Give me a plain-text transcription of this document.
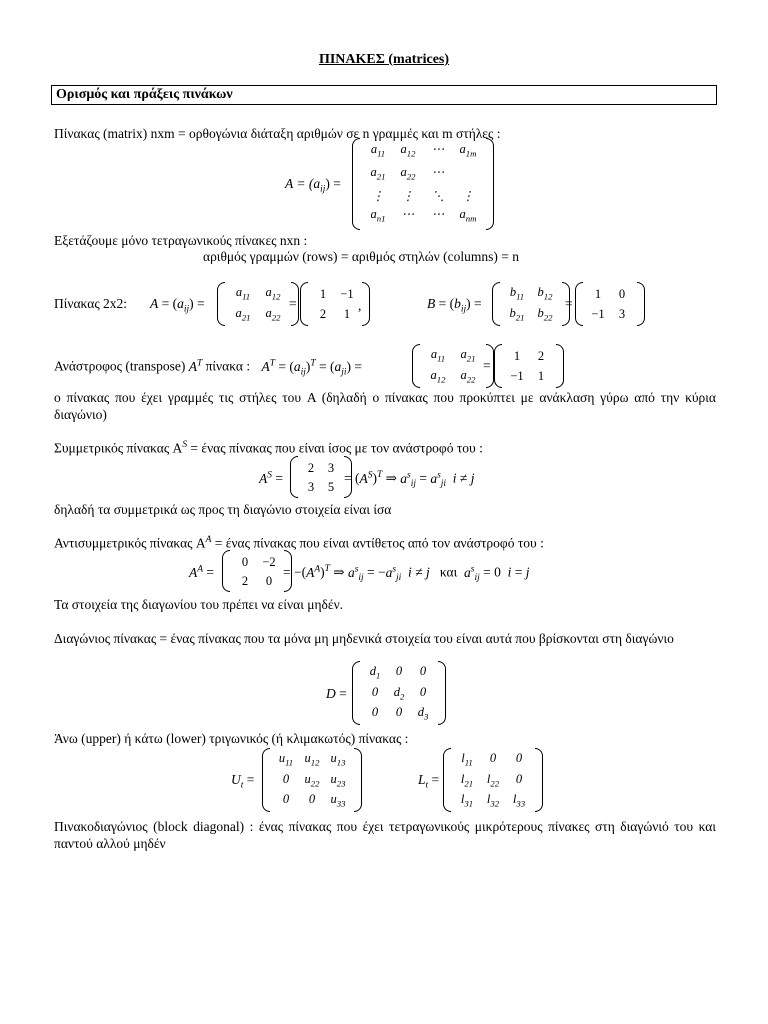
ΠΙΝΑΚΕΣ (matrices)
Ορισμός και πράξεις πινάκων
Πίνακας (matrix) nxm = ορθογώνια διάταξη αριθμών σε n γραμμές και m στήλες :
$A = (a_{ij})$ =
$a_{11}$	$a_{12}$	⋯	$a_{1m}$
$a_{21}$	$a_{22}$	⋯
⋮	⋮	⋱	⋮
$a_{n1}$	⋯	⋯	$a_{nm}$
Εξετάζουμε μόνο τετραγωνικούς πίνακες nxn :
αριθμός γραμμών (rows) = αριθμός στηλών (columns) = n
Πίνακας 2x2: $A = (a_{ij})$ =
$a_{11}$	$a_{12}$
$a_{21}$	$a_{22}$
=
1	−1
2	1
,	$B = (b_{ij})$ =
$b_{11}$	$b_{12}$
$b_{21}$	$b_{22}$
=
1	0
−1	3
Ανάστροφος (transpose) $A^T$ πίνακα : $A^T = (a_{ij})^T = (a_{ji})$ =
$a_{11}$	$a_{21}$
$a_{12}$	$a_{22}$
=
1	2
−1	1
ο πίνακας που έχει γραμμές τις στήλες του A (δηλαδή ο πίνακας που προκύπτει με ανάκλαση γύρω από την κύρια διαγώνιο)
Συμμετρικός πίνακας $A^S = έ\nu\alpha\varsigma$ πίνακας που είναι ίσος με τον ανάστροφό του :
$A^S$ =
2	3
3	5
= $(A^S)^T$ ⇒ $a^s_{ij} = a^s_{ji}$ i ≠ j
δηλαδή τα συμμετρικά ως προς τη διαγώνιο στοιχεία είναι ίσα
Αντισυμμετρικός πίνακας $A^A = έ\nu\alpha\varsigma$ πίνακας που είναι αντίθετος από τον ανάστροφό του :
$A^A$ =
0	−2
2	0
= $-(A^A)^T$ ⇒ $a^s_{ij} = -a^s_{ji}$ i ≠ j και $a^s_{ij} = 0$  i = j
Τα στοιχεία της διαγωνίου του πρέπει να είναι μηδέν.
Διαγώνιος πίνακας = ένας πίνακας που τα μόνα μη μηδενικά στοιχεία του είναι αυτά που βρίσκονται στη διαγώνιο
D =
$d_1$	0	0
0	$d_2$	0
0	0	$d_3$
Άνω (upper) ή κάτω (lower) τριγωνικός (ή κλιμακωτός) πίνακας :
$U_t$ =
$u_{11}$ $u_{12}$ $u_{13}$
0	$u_{22}$ $u_{23}$
0	0	$u_{33}$
$L_t$ =
$l_{11}$	0	0
$l_{21}$	$l_{22}$	0
$l_{31}$	$l_{32}$	$l_{33}$
Πινακοδιαγώνιος (block diagonal) : ένας πίνακας που έχει τετραγωνικούς μικρότερους πίνακες στη διαγώνιό του και παντού αλλού μηδέν
